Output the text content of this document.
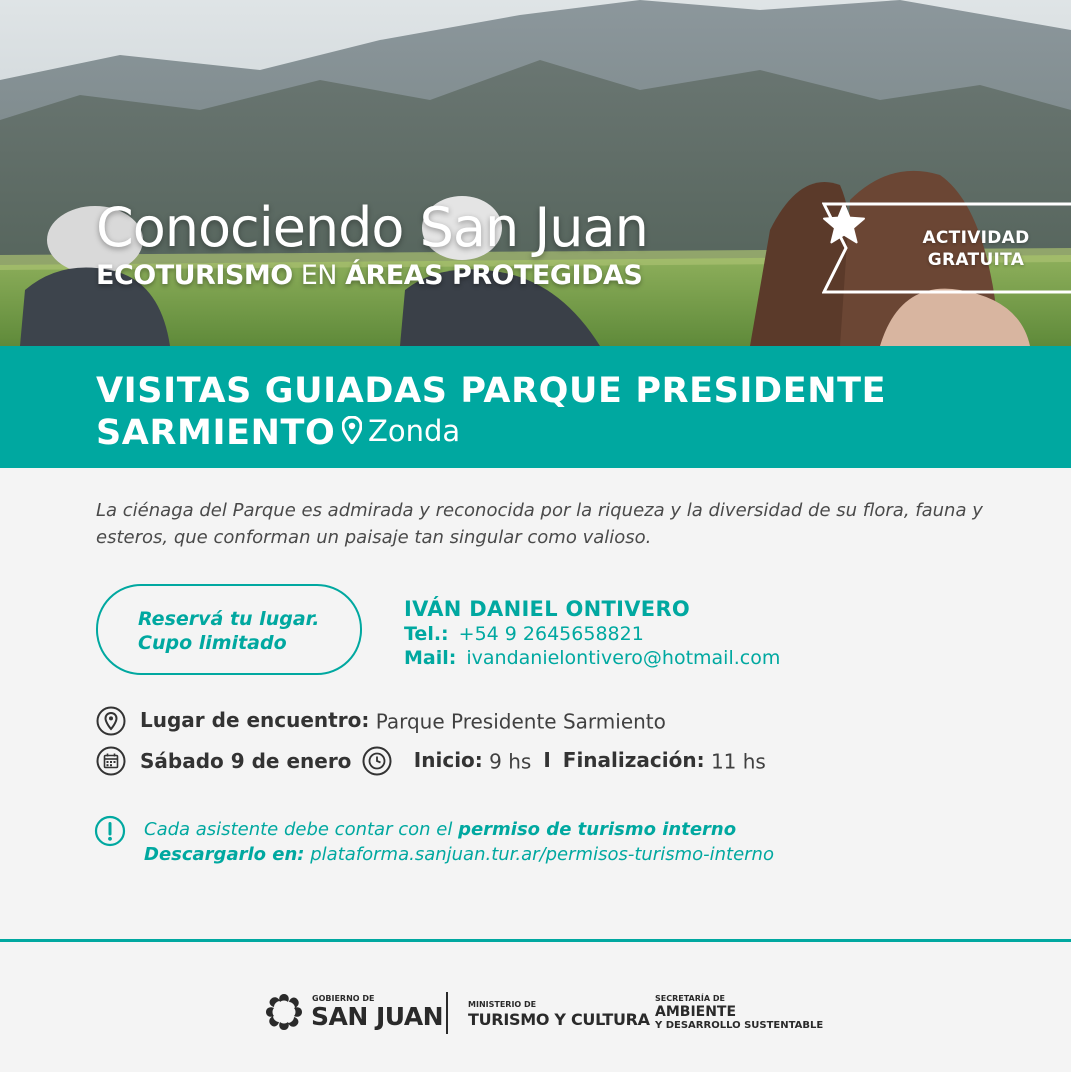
Conociendo San Juan
ECOTURISMO EN ÁREAS PROTEGIDAS
ACTIVIDAD
GRATUITA
VISITAS GUIADAS PARQUE PRESIDENTE
SARMIENTO	Zonda

La ciénaga del Parque es admirada y reconocida por la riqueza y la diversidad de su flora, fauna y esteros, que conforman un paisaje tan singular como valioso.

Reservá tu lugar.
Cupo limitado
IVÁN DANIEL ONTIVERO
Tel.: +54 9 2645658821
Mail: ivandanielontivero@hotmail.com
Lugar de encuentro: Parque Presidente Sarmiento
Sábado 9 de enero	Inicio: 9 hs I Finalización: 11 hs
Cada asistente debe contar con el permiso de turismo interno
Descargarlo en: plataforma.sanjuan.tur.ar/permisos-turismo-interno
GOBIERNO DE
SAN JUAN	MINISTERIO DE
TURISMO Y CULTURA
SECRETARÍA DE
AMBIENTE
Y DESARROLLO SUSTENTABLE
